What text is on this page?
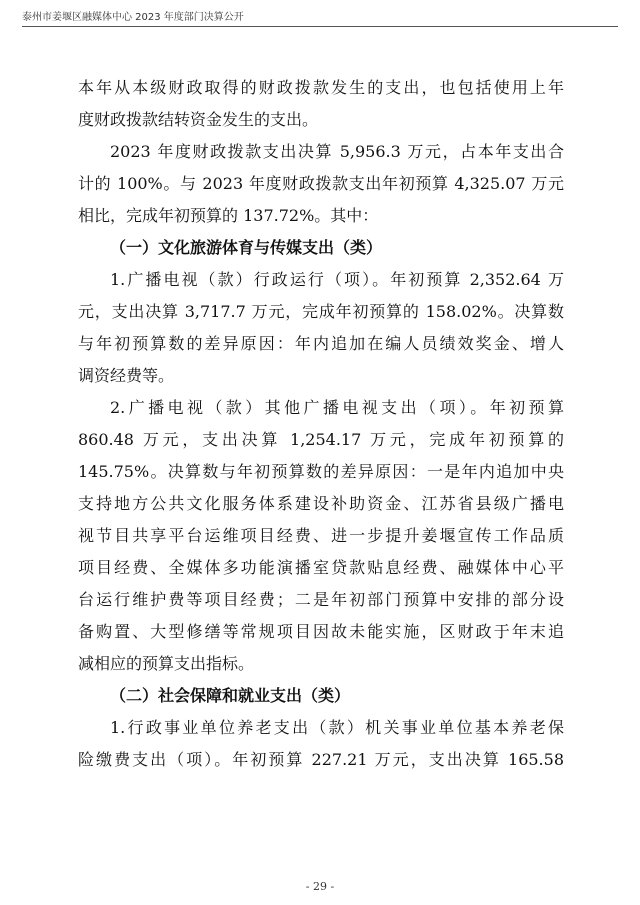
泰州市姜堰区融媒体中心 2023 年度部门决算公开
本年从本级财政取得的财政拨款发生的支出，也包括使用上年
度财政拨款结转资金发生的支出。
2023 年度财政拨款支出决算 5,956.3 万元，占本年支出合
计的 100%。与 2023 年度财政拨款支出年初预算 4,325.07 万元
相比，完成年初预算的 137.72%。其中：
（一）文化旅游体育与传媒支出（类）
1.广播电视（款）行政运行（项）。年初预算 2,352.64 万
元，支出决算 3,717.7 万元，完成年初预算的 158.02%。决算数
与年初预算数的差异原因：年内追加在编人员绩效奖金、增人
调资经费等。
2.广播电视（款）其他广播电视支出（项）。年初预算
860.48 万元，支出决算 1,254.17 万元，完成年初预算的
145.75%。决算数与年初预算数的差异原因：一是年内追加中央
支持地方公共文化服务体系建设补助资金、江苏省县级广播电
视节目共享平台运维项目经费、进一步提升姜堰宣传工作品质
项目经费、全媒体多功能演播室贷款贴息经费、融媒体中心平
台运行维护费等项目经费；二是年初部门预算中安排的部分设
备购置、大型修缮等常规项目因故未能实施，区财政于年末追
减相应的预算支出指标。
（二）社会保障和就业支出（类）
1.行政事业单位养老支出（款）机关事业单位基本养老保
险缴费支出（项）。年初预算 227.21 万元，支出决算 165.58
- 29 -
